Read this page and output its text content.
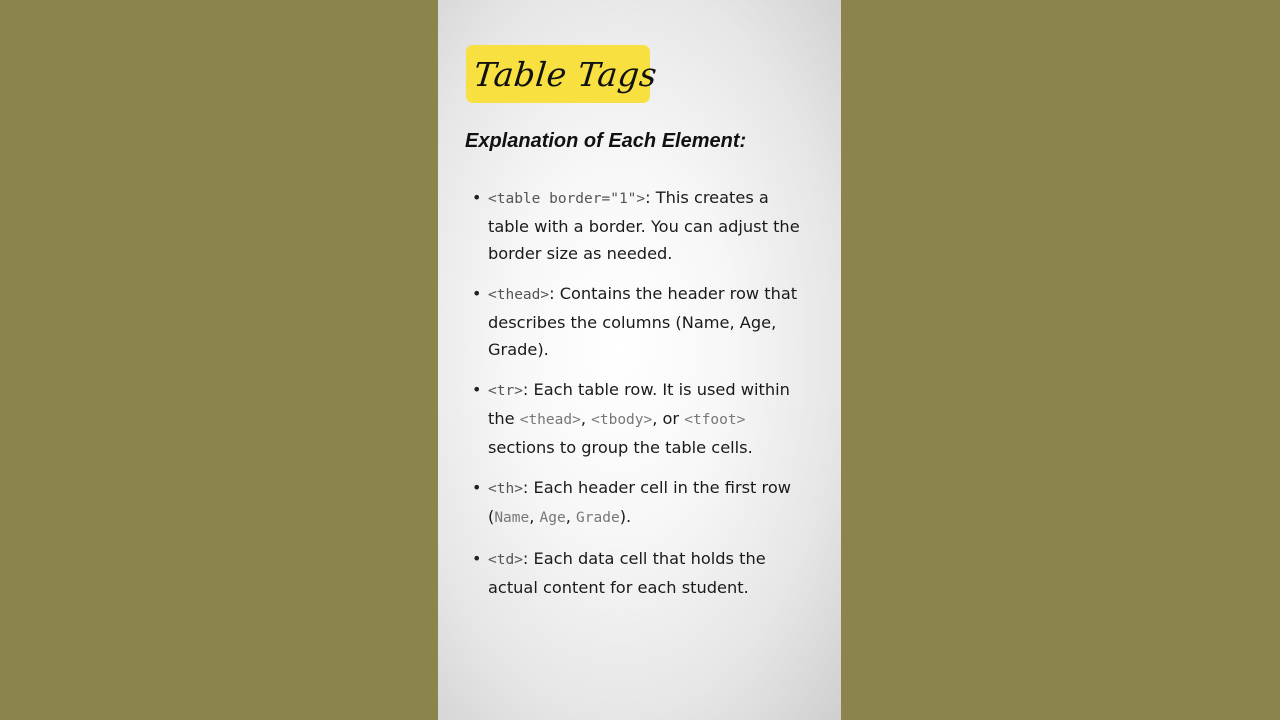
Table Tags
Explanation of Each Element:
• <table border="1">: This creates a table with a border. You can adjust the border size as needed.
• <thead>: Contains the header row that describes the columns (Name, Age, Grade).
• <tr>: Each table row. It is used within the <thead>, <tbody>, or <tfoot> sections to group the table cells.
• <th>: Each header cell in the first row (Name, Age, Grade).
• <td>: Each data cell that holds the actual content for each student.
